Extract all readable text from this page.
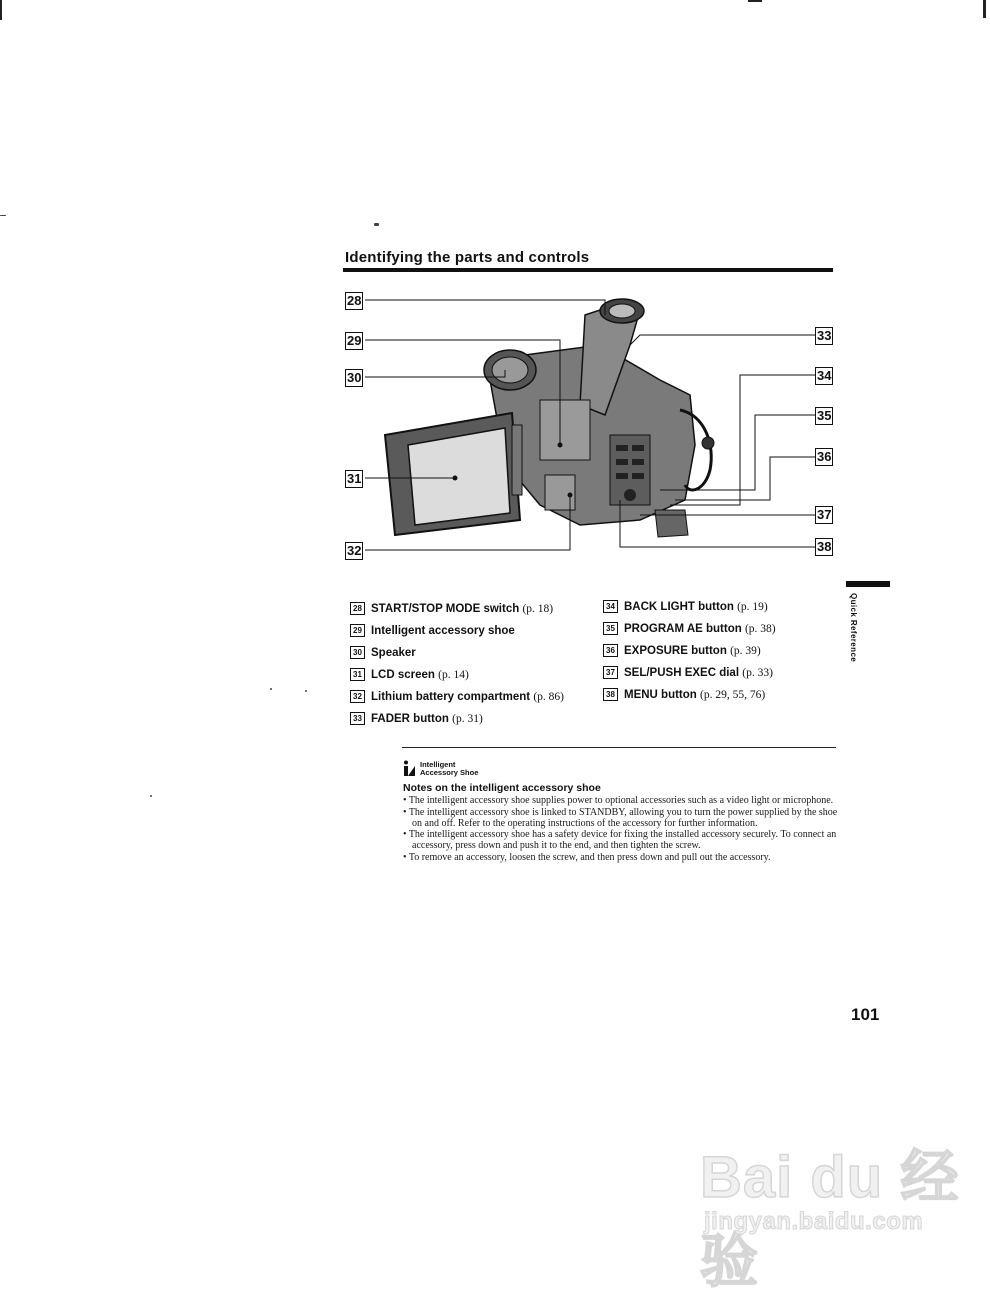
Identifying the parts and controls
28
29
30
31
32
33
34
35
36
37
38
28 START/STOP MODE switch (p. 18)
29 Intelligent accessory shoe
30 Speaker
31 LCD screen (p. 14)
32 Lithium battery compartment (p. 86)
33 FADER button (p. 31)
34 BACK LIGHT button (p. 19)
35 PROGRAM AE button (p. 38)
36 EXPOSURE button (p. 39)
37 SEL/PUSH EXEC dial (p. 33)
38 MENU button (p. 29, 55, 76)
Quick Reference
Intelligent
Accessory Shoe
Notes on the intelligent accessory shoe
• The intelligent accessory shoe supplies power to optional accessories such as a video light or microphone.
• The intelligent accessory shoe is linked to STANDBY, allowing you to turn the power supplied by the shoe on and off. Refer to the operating instructions of the accessory for further information.
• The intelligent accessory shoe has a safety device for fixing the installed accessory securely. To connect an accessory, press down and push it to the end, and then tighten the screw.
• To remove an accessory, loosen the screw, and then press down and pull out the accessory.
101
Bai du 经验
jingyan.baidu.com
